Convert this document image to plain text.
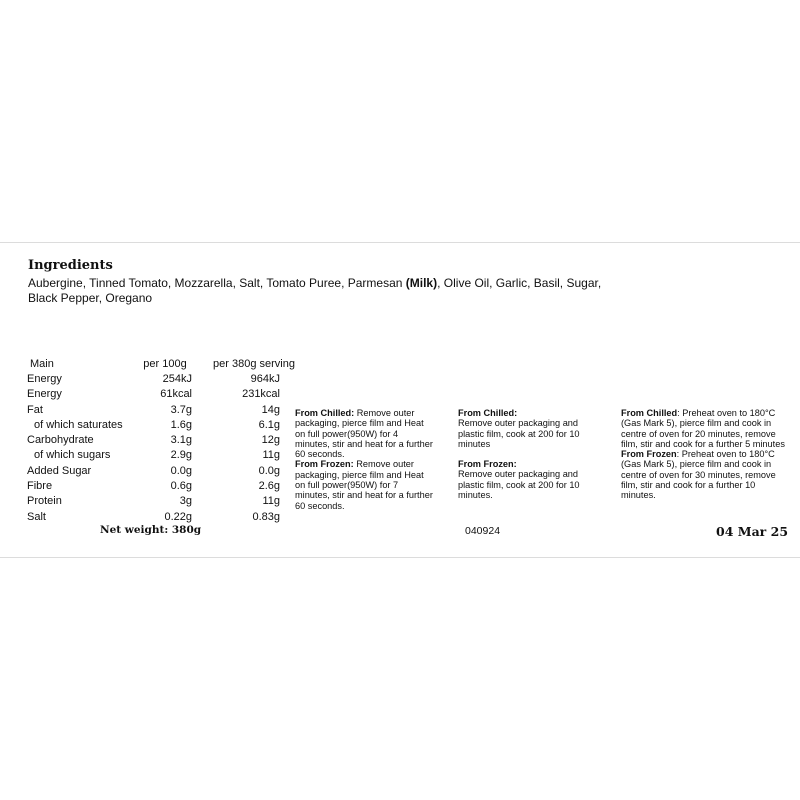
Ingredients
Aubergine, Tinned Tomato, Mozzarella, Salt, Tomato Puree, Parmesan (Milk), Olive Oil, Garlic, Basil, Sugar, Black Pepper, Oregano
Main	per 100g	per 380g serving
Energy	254kJ	964kJ
Energy	61kcal	231kcal
Fat	3.7g	14g
of which saturates	1.6g	6.1g
Carbohydrate	3.1g	12g
of which sugars	2.9g	11g
Added Sugar	0.0g	0.0g
Fibre	0.6g	2.6g
Protein	3g	11g
Salt	0.22g	0.83g
Net weight: 380g

From Chilled: Remove outer packaging, pierce film and Heat on full power(950W) for 4 minutes, stir and heat for a further 60 seconds.

From Frozen: Remove outer packaging, pierce film and Heat on full power(950W) for 7 minutes, stir and heat for a further 60 seconds.

From Chilled:

Remove outer packaging and plastic film, cook at 200 for 10 minutes

From Frozen:

Remove outer packaging and plastic film, cook at 200 for 10 minutes.

From Chilled: Preheat oven to 180°C (Gas Mark 5), pierce film and cook in centre of oven for 20 minutes, remove film, stir and cook for a further 5 minutes

From Frozen: Preheat oven to 180°C (Gas Mark 5), pierce film and cook in centre of oven for 30 minutes, remove film, stir and cook for a further 10 minutes.

040924	04 Mar 25
